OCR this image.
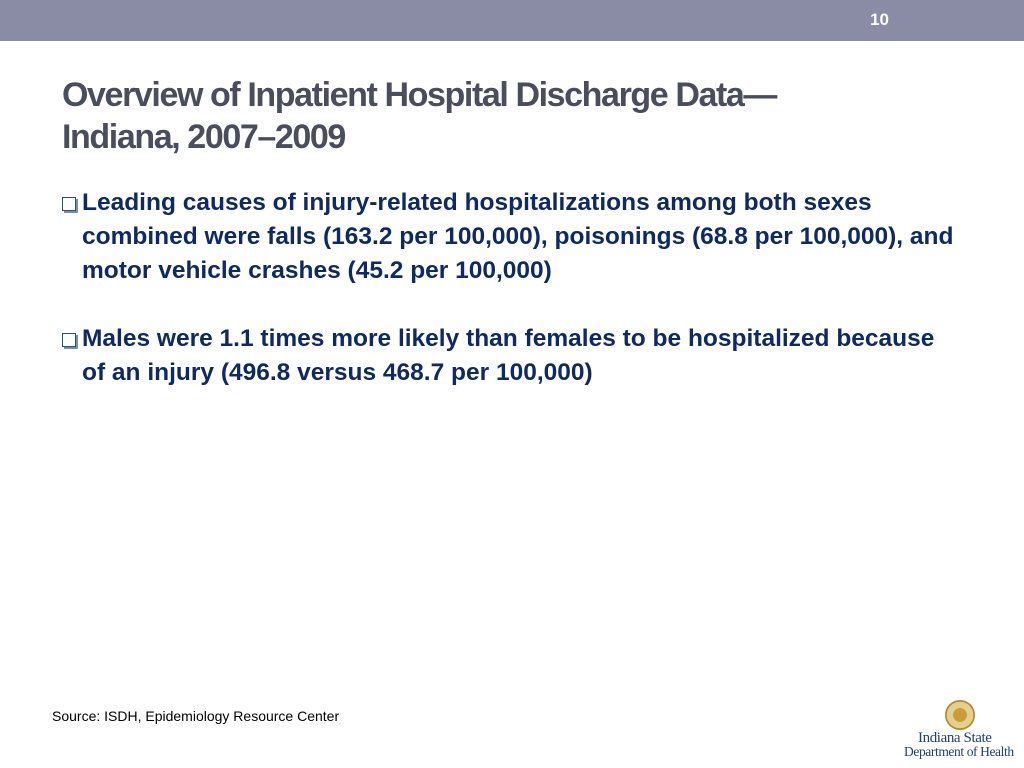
10
Overview of Inpatient Hospital Discharge Data—
Indiana, 2007–2009
Leading causes of injury-related hospitalizations among both sexes combined were falls (163.2 per 100,000), poisonings (68.8 per 100,000), and motor vehicle crashes (45.2 per 100,000)
Males were 1.1 times more likely than females to be hospitalized because of an injury (496.8 versus 468.7 per 100,000)
Source: ISDH, Epidemiology Resource Center
Indiana State
Department of Health
